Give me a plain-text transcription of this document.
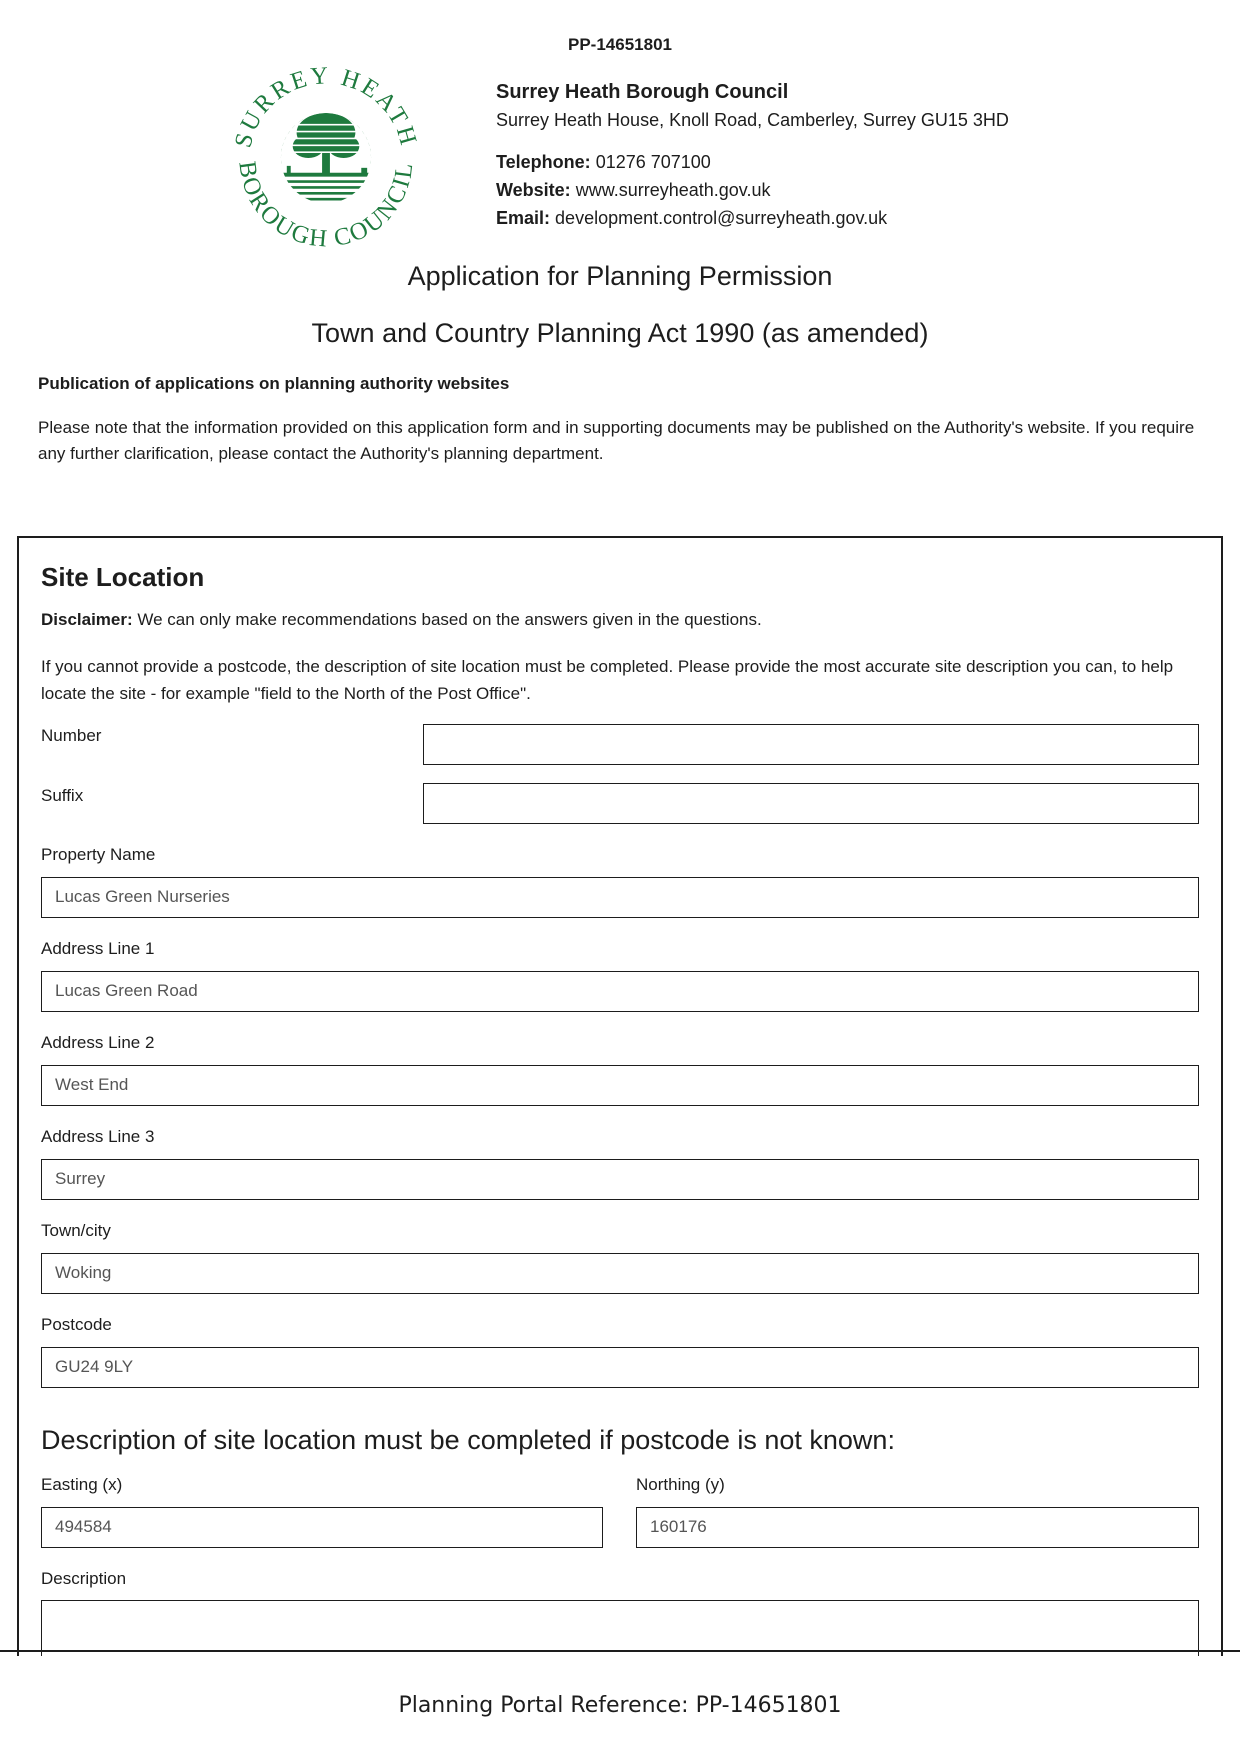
PP-14651801
SURREY HEATH
BOROUGH COUNCIL
Surrey Heath Borough Council
Surrey Heath House, Knoll Road, Camberley, Surrey GU15 3HD
Telephone: 01276 707100
Website: www.surreyheath.gov.uk
Email: development.control@surreyheath.gov.uk
Application for Planning Permission
Town and Country Planning Act 1990 (as amended)
Publication of applications on planning authority websites
Please note that the information provided on this application form and in supporting documents may be published on the Authority's website. If you require any further clarification, please contact the Authority's planning department.
Site Location
Disclaimer: We can only make recommendations based on the answers given in the questions.
If you cannot provide a postcode, the description of site location must be completed. Please provide the most accurate site description you can, to help locate the site - for example "field to the North of the Post Office".
Number
Suffix
Property Name
Lucas Green Nurseries
Address Line 1
Lucas Green Road
Address Line 2
West End
Address Line 3
Surrey
Town/city
Woking
Postcode
GU24 9LY
Description of site location must be completed if postcode is not known:
Easting (x)
494584
Northing (y)
160176
Description
Planning Portal Reference: PP-14651801
